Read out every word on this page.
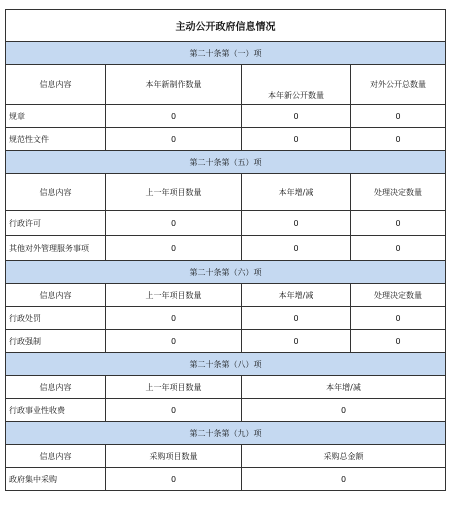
主动公开政府信息情况			
第二十条第（一）项			
信息内容	本年新制作数量	本年新公开数量	对外公开总数量
规章	0	0	0
规范性文件	0	0	0
第二十条第（五）项			
信息内容	上一年项目数量	本年增/减	处理决定数量
行政许可	0	0	0
其他对外管理服务事项	0	0	0
第二十条第（六）项			
信息内容	上一年项目数量	本年增/减	处理决定数量
行政处罚	0	0	0
行政强制	0	0	0
第二十条第（八）项			
信息内容	上一年项目数量	本年增/减	
行政事业性收费	0	0	
第二十条第（九）项			
信息内容	采购项目数量	采购总金额	
政府集中采购	0	0	
